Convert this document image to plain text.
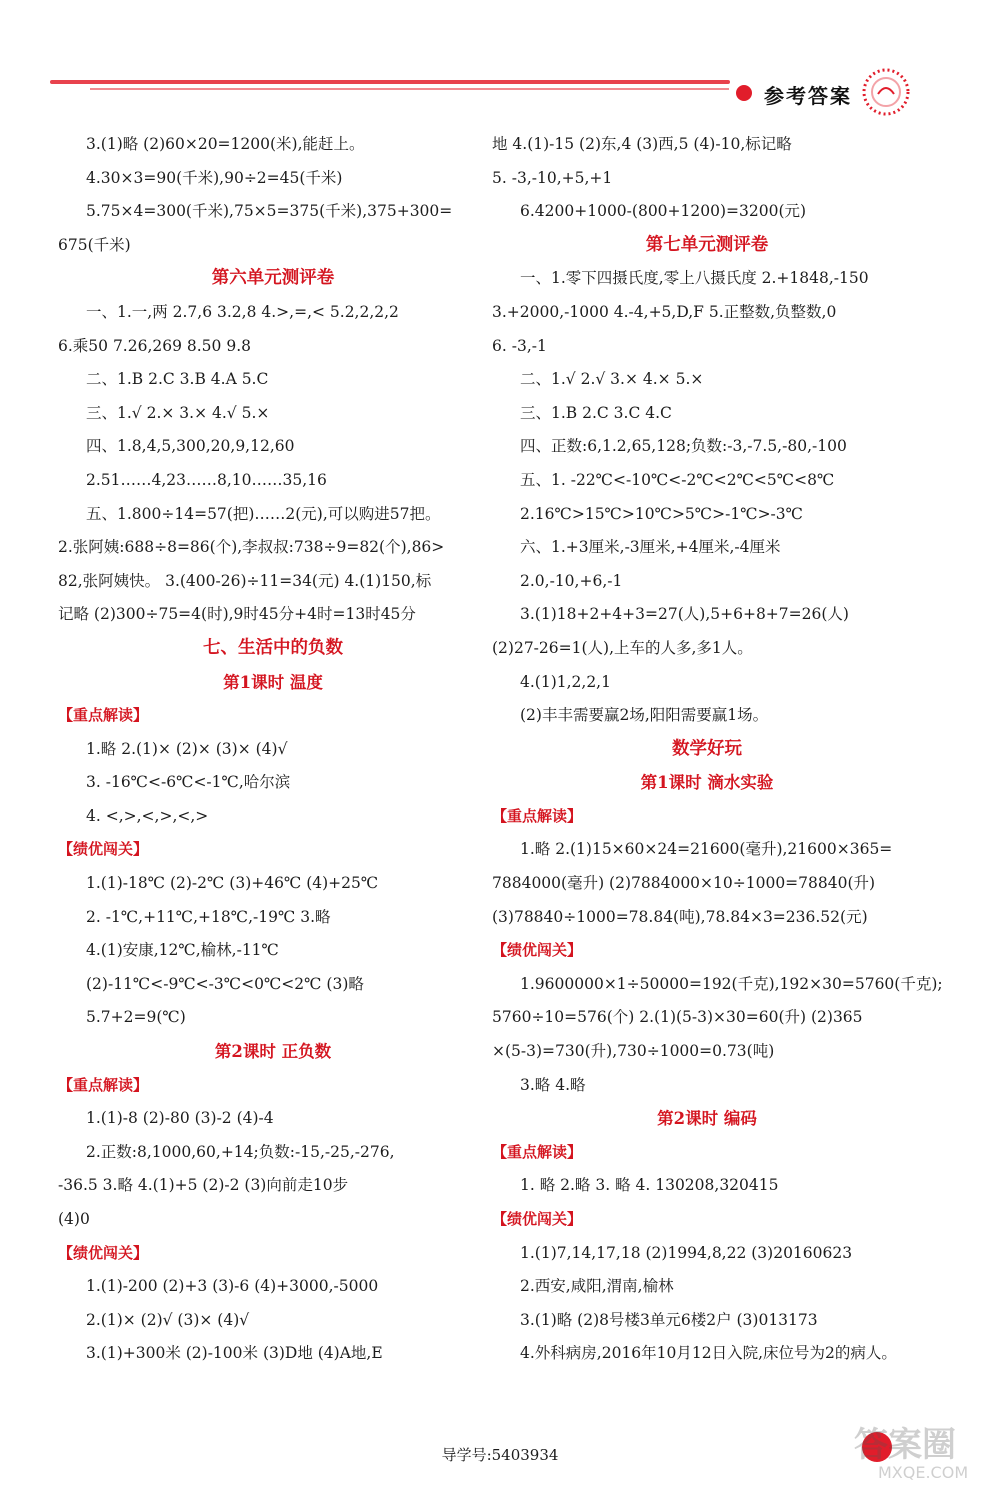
参考答案
3.(1)略 (2)60×20=1200(米),能赶上。
4.30×3=90(千米),90÷2=45(千米)
5.75×4=300(千米),75×5=375(千米),375+300=
675(千米)
第六单元测评卷
一、1.一,两 2.7,6 3.2,8 4.>,=,< 5.2,2,2,2
6.乘50 7.26,269 8.50 9.8
二、1.B 2.C 3.B 4.A 5.C
三、1.√ 2.× 3.× 4.√ 5.×
四、1.8,4,5,300,20,9,12,60
2.51……4,23……8,10……35,16
五、1.800÷14=57(把)……2(元),可以购进57把。
2.张阿姨:688÷8=86(个),李叔叔:738÷9=82(个),86>
82,张阿姨快。 3.(400-26)÷11=34(元) 4.(1)150,标
记略 (2)300÷75=4(时),9时45分+4时=13时45分
七、生活中的负数
第1课时 温度
【重点解读】
1.略 2.(1)× (2)× (3)× (4)√
3. -16℃<-6℃<-1℃,哈尔滨
4. <,>,<,>,<,>
【绩优闯关】
1.(1)-18℃ (2)-2℃ (3)+46℃ (4)+25℃
2. -1℃,+11℃,+18℃,-19℃ 3.略
4.(1)安康,12℃,榆林,-11℃
(2)-11℃<-9℃<-3℃<0℃<2℃ (3)略
5.7+2=9(℃)
第2课时 正负数
【重点解读】
1.(1)-8 (2)-80 (3)-2 (4)-4
2.正数:8,1000,60,+14;负数:-15,-25,-276,
-36.5 3.略 4.(1)+5 (2)-2 (3)向前走10步
(4)0
【绩优闯关】
1.(1)-200 (2)+3 (3)-6 (4)+3000,-5000
2.(1)× (2)√ (3)× (4)√
3.(1)+300米 (2)-100米 (3)D地 (4)A地,E
地 4.(1)-15 (2)东,4 (3)西,5 (4)-10,标记略
5. -3,-10,+5,+1
6.4200+1000-(800+1200)=3200(元)
第七单元测评卷
一、1.零下四摄氏度,零上八摄氏度 2.+1848,-150
3.+2000,-1000 4.-4,+5,D,F 5.正整数,负整数,0
6. -3,-1
二、1.√ 2.√ 3.× 4.× 5.×
三、1.B 2.C 3.C 4.C
四、正数:6,1.2,65,128;负数:-3,-7.5,-80,-100
五、1. -22℃<-10℃<-2℃<2℃<5℃<8℃
2.16℃>15℃>10℃>5℃>-1℃>-3℃
六、1.+3厘米,-3厘米,+4厘米,-4厘米
2.0,-10,+6,-1
3.(1)18+2+4+3=27(人),5+6+8+7=26(人)
(2)27-26=1(人),上车的人多,多1人。
4.(1)1,2,2,1
(2)丰丰需要赢2场,阳阳需要赢1场。
数学好玩
第1课时 滴水实验
【重点解读】
1.略 2.(1)15×60×24=21600(毫升),21600×365=
7884000(毫升) (2)7884000×10÷1000=78840(升)
(3)78840÷1000=78.84(吨),78.84×3=236.52(元)
【绩优闯关】
1.9600000×1÷50000=192(千克),192×30=5760(千克);
5760÷10=576(个) 2.(1)(5-3)×30=60(升) (2)365
×(5-3)=730(升),730÷1000=0.73(吨)
3.略 4.略
第2课时 编码
【重点解读】
1. 略 2.略 3. 略 4. 130208,320415
【绩优闯关】
1.(1)7,14,17,18 (2)1994,8,22 (3)20160623
2.西安,咸阳,渭南,榆林
3.(1)略 (2)8号楼3单元6楼2户 (3)013173
4.外科病房,2016年10月12日入院,床位号为2的病人。
导学号:5403934	答案圈
MXQE.COM
